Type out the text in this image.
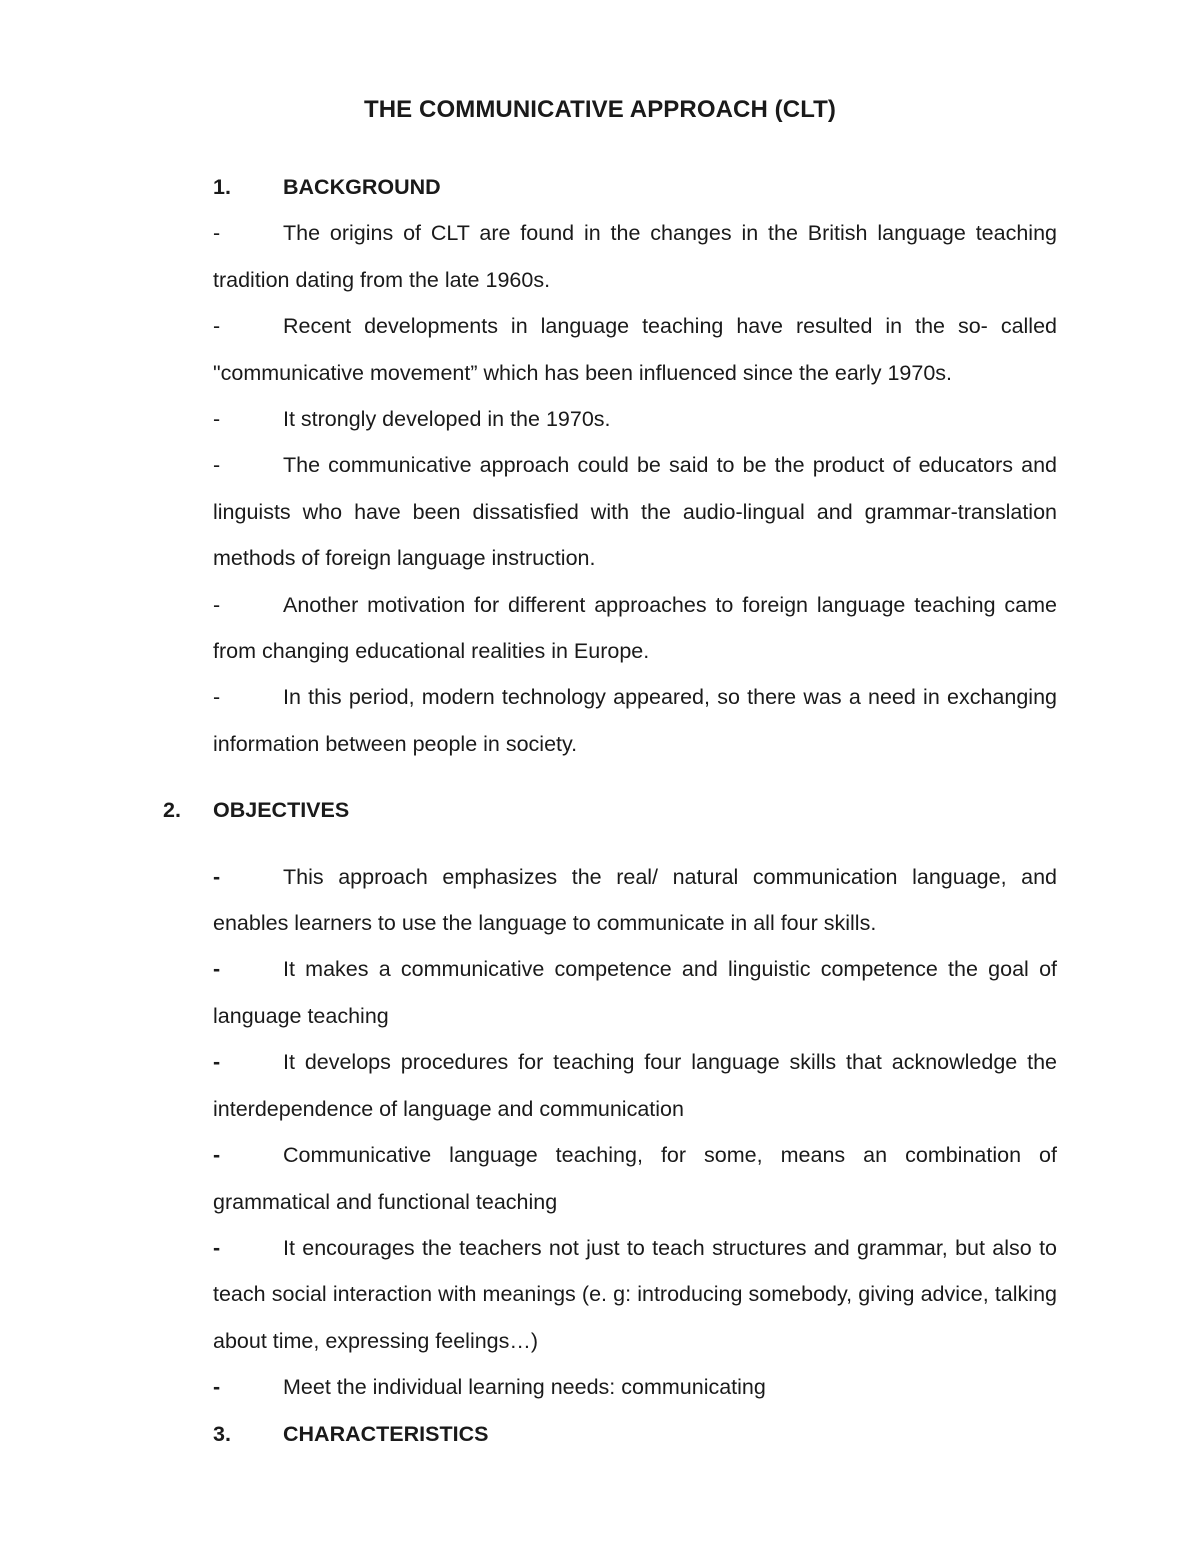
THE COMMUNICATIVE APPROACH (CLT)
1.	BACKGROUND
-	The origins of CLT are found in the changes in the British language teaching tradition dating from the late 1960s.
-	Recent developments in language teaching have resulted in the so- called "communicative movement” which has been influenced since the early 1970s.
-	It strongly developed in the 1970s.
-	The communicative approach could be said to be the product of educators and linguists who have been dissatisfied with the audio-lingual and grammar-translation methods of foreign language instruction.
-	Another motivation for different approaches to foreign language teaching came from changing educational realities in Europe.
-	In this period, modern technology appeared, so there was a need in exchanging information between people in society.
2.	OBJECTIVES
-	This approach emphasizes the real/ natural communication language, and enables learners to use the language to communicate in all four skills.
-	It makes a communicative competence and linguistic competence the goal of language teaching
-	It develops procedures for teaching four language skills that acknowledge the interdependence of language and communication
-	Communicative language teaching, for some, means an combination of grammatical and functional teaching
-	It encourages the teachers not just to teach structures and grammar, but also to teach social interaction with meanings (e. g: introducing somebody, giving advice, talking about time, expressing feelings…)
-	Meet the individual learning needs: communicating
3.	CHARACTERISTICS
